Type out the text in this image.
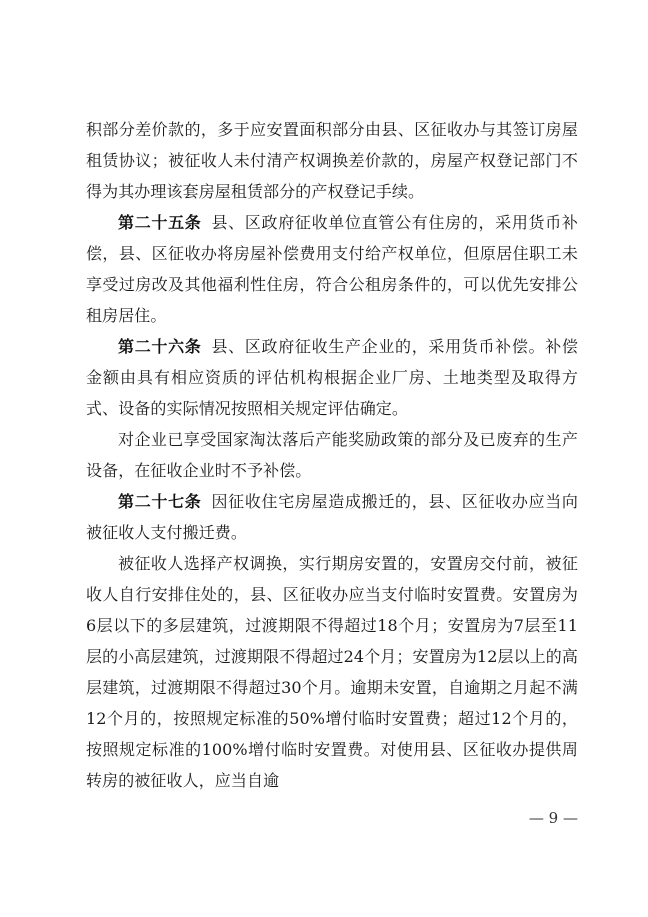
积部分差价款的，多于应安置面积部分由县、区征收办与其签订房屋租赁协议；被征收人未付清产权调换差价款的，房屋产权登记部门不得为其办理该套房屋租赁部分的产权登记手续。

第二十五条 县、区政府征收单位直管公有住房的，采用货币补偿，县、区征收办将房屋补偿费用支付给产权单位，但原居住职工未享受过房改及其他福利性住房，符合公租房条件的，可以优先安排公租房居住。

第二十六条 县、区政府征收生产企业的，采用货币补偿。补偿金额由具有相应资质的评估机构根据企业厂房、土地类型及取得方式、设备的实际情况按照相关规定评估确定。

对企业已享受国家淘汰落后产能奖励政策的部分及已废弃的生产设备，在征收企业时不予补偿。

第二十七条 因征收住宅房屋造成搬迁的，县、区征收办应当向被征收人支付搬迁费。

被征收人选择产权调换，实行期房安置的，安置房交付前，被征收人自行安排住处的，县、区征收办应当支付临时安置费。安置房为6层以下的多层建筑，过渡期限不得超过18个月；安置房为7层至11层的小高层建筑，过渡期限不得超过24个月；安置房为12层以上的高层建筑，过渡期限不得超过30个月。逾期未安置，自逾期之月起不满12个月的，按照规定标准的50%增付临时安置费；超过12个月的，按照规定标准的100%增付临时安置费。对使用县、区征收办提供周转房的被征收人，应当自逾

— 9 —
